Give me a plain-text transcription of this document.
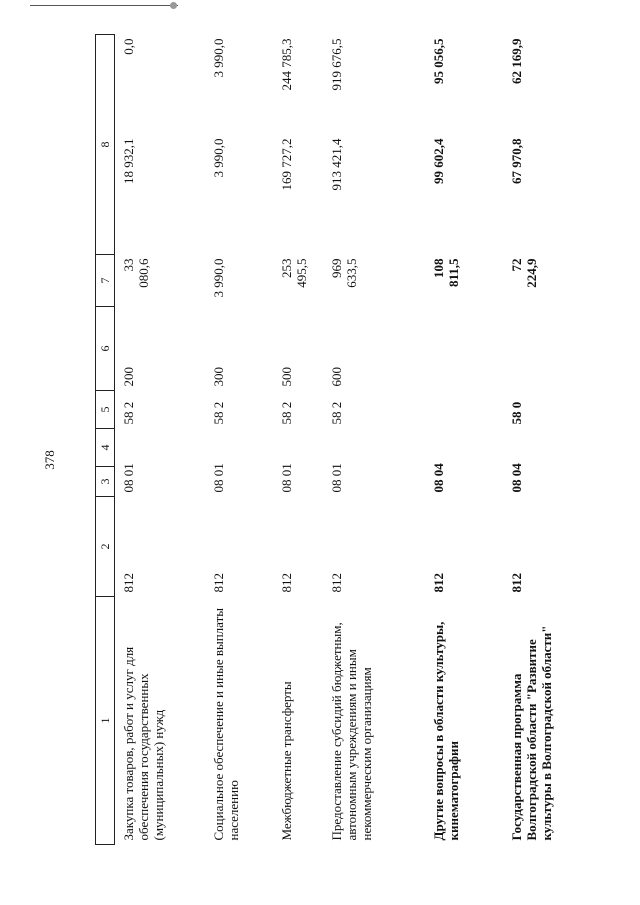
378
1	2	3	4	5	6	7	8	
Закупка товаров, работ и услуг для обеспечения государственных (муниципальных) нужд	812	08 01		58 2	200	33 080,6	18 932,1	0,0
Социальное обеспечение и иные выплаты населению	812	08 01		58 2	300	3 990,0	3 990,0	3 990,0
Межбюджетные трансферты	812	08 01		58 2	500	253 495,5	169 727,2	244 785,3
Предоставление субсидий бюджетным, автономным учреждениям и иным некоммерческим организациям	812	08 01		58 2	600	969 633,5	913 421,4	919 676,5
Другие вопросы в области культуры, кинематографии	812	08 04				108 811,5	99 602,4	95 056,5
Государственная программа Волгоградской области "Развитие культуры в Волгоградской области"	812	08 04		58 0		72 224,9	67 970,8	62 169,9
